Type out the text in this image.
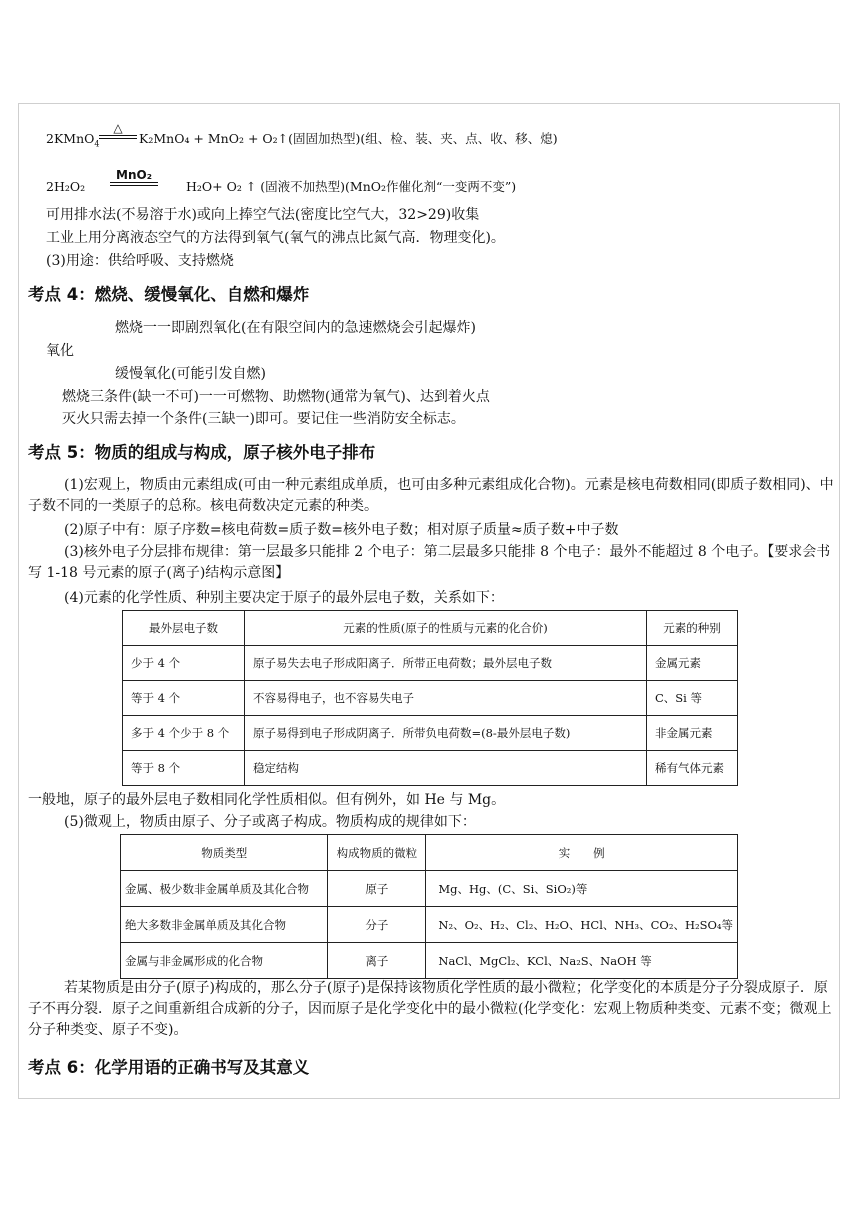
2KMnO$_4$
△
K₂MnO₄ + MnO₂ + O₂↑(固固加热型)(组、检、装、夹、点、收、移、熄)
2H₂O₂
MnO₂
H₂O+ O₂ ↑ (固液不加热型)(MnO₂作催化剂“一变两不变”)
可用排水法(不易溶于水)或向上捧空气法(密度比空气大，32>29)收集
工业上用分离液态空气的方法得到氧气(氧气的沸点比氮气高．物理变化)。
(3)用途：供给呼吸、支持燃烧
考点 4：燃烧、缓慢氧化、自燃和爆炸
燃烧一一即剧烈氧化(在有限空间内的急速燃烧会引起爆炸)
氧化
缓慢氧化(可能引发自燃)
燃烧三条件(缺一不可)一一可燃物、助燃物(通常为氧气)、达到着火点
灭火只需去掉一个条件(三缺一)即可。要记住一些消防安全标志。
考点 5：物质的组成与构成，原子核外电子排布
(1)宏观上，物质由元素组成(可由一种元素组成单质，也可由多种元素组成化合物)。元素是核电荷数相同(即质子数相同)、中子数不同的一类原子的总称。核电荷数决定元素的种类。
(2)原子中有：原子序数=核电荷数=质子数=核外电子数；相对原子质量≈质子数+中子数
(3)核外电子分层排布规律：第一层最多只能排 2 个电子：第二层最多只能排 8 个电子：最外不能超过 8 个电子。【要求会书写 1-18 号元素的原子(离子)结构示意图】
(4)元素的化学性质、种别主要决定于原子的最外层电子数，关系如下：
最外层电子数	元素的性质(原子的性质与元素的化合价)	元素的种别
少于 4 个	原子易失去电子形成阳离子．所带正电荷数；最外层电子数	金属元素
等于 4 个	不容易得电子，也不容易失电子	C、Si 等
多于 4 个少于 8 个	原子易得到电子形成阴离子．所带负电荷数=(8-最外层电子数)	非金属元素
等于 8 个	稳定结构	稀有气体元素
一般地，原子的最外层电子数相同化学性质相似。但有例外，如 He 与 Mg。
(5)微观上，物质由原子、分子或离子构成。物质构成的规律如下：
物质类型	构成物质的微粒	实　　例
金属、极少数非金属单质及其化合物	原子	Mg、Hg、(C、Si、SiO₂)等
绝大多数非金属单质及其化合物	分子	N₂、O₂、H₂、Cl₂、H₂O、HCl、NH₃、CO₂、H₂SO₄等
金属与非金属形成的化合物	离子	NaCl、MgCl₂、KCl、Na₂S、NaOH 等
若某物质是由分子(原子)构成的，那么分子(原子)是保持该物质化学性质的最小微粒；化学变化的本质是分子分裂成原子．原子不再分裂．原子之间重新组合成新的分子，因而原子是化学变化中的最小微粒(化学变化：宏观上物质种类变、元素不变；微观上分子种类变、原子不变)。
考点 6：化学用语的正确书写及其意义
